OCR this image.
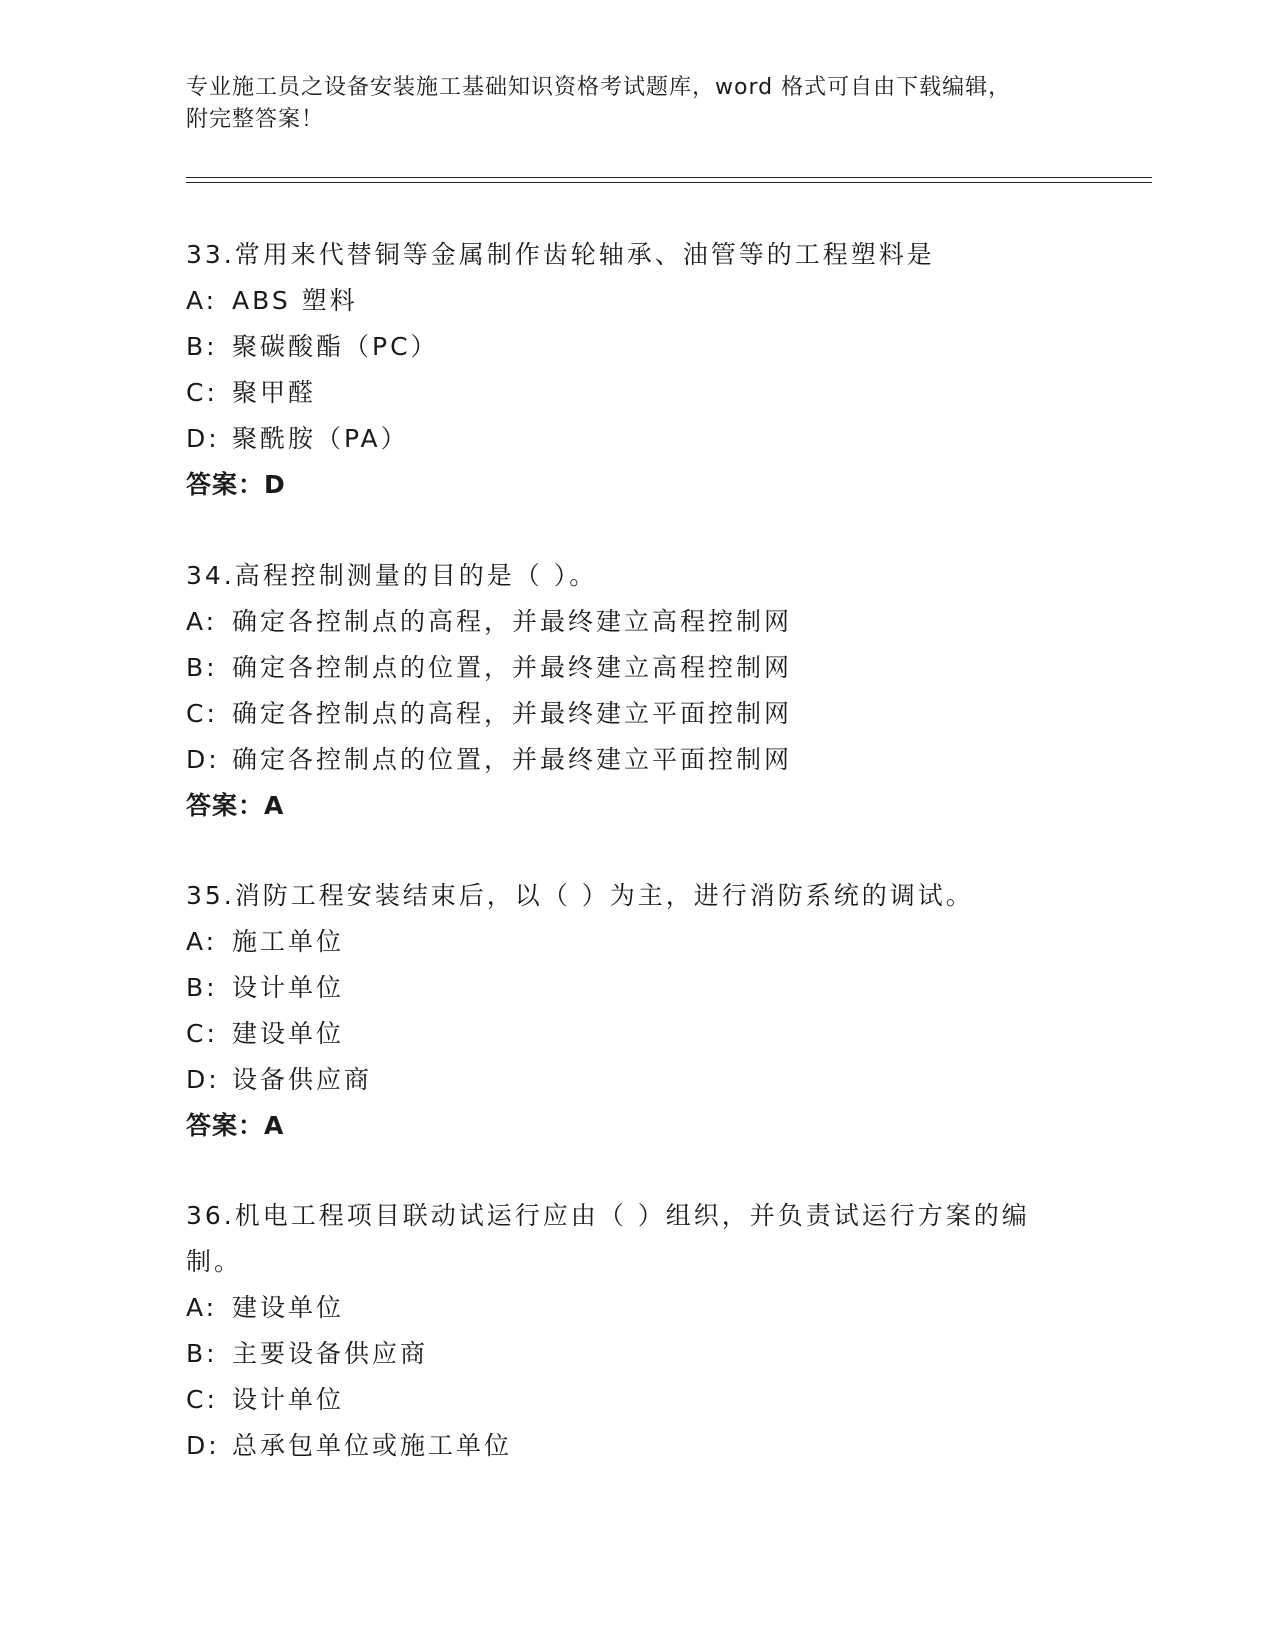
专业施工员之设备安装施工基础知识资格考试题库，word 格式可自由下载编辑，
附完整答案！
33.常用来代替铜等金属制作齿轮轴承、油管等的工程塑料是
A: ABS 塑料
B: 聚碳酸酯（PC）
C: 聚甲醛
D: 聚酰胺（PA）
答案：D
34.高程控制测量的目的是（ ）。
A: 确定各控制点的高程，并最终建立高程控制网
B: 确定各控制点的位置，并最终建立高程控制网
C: 确定各控制点的高程，并最终建立平面控制网
D: 确定各控制点的位置，并最终建立平面控制网
答案：A
35.消防工程安装结束后，以（ ）为主，进行消防系统的调试。
A: 施工单位
B: 设计单位
C: 建设单位
D: 设备供应商
答案：A
36.机电工程项目联动试运行应由（ ）组织，并负责试运行方案的编制。
A: 建设单位
B: 主要设备供应商
C: 设计单位
D: 总承包单位或施工单位
